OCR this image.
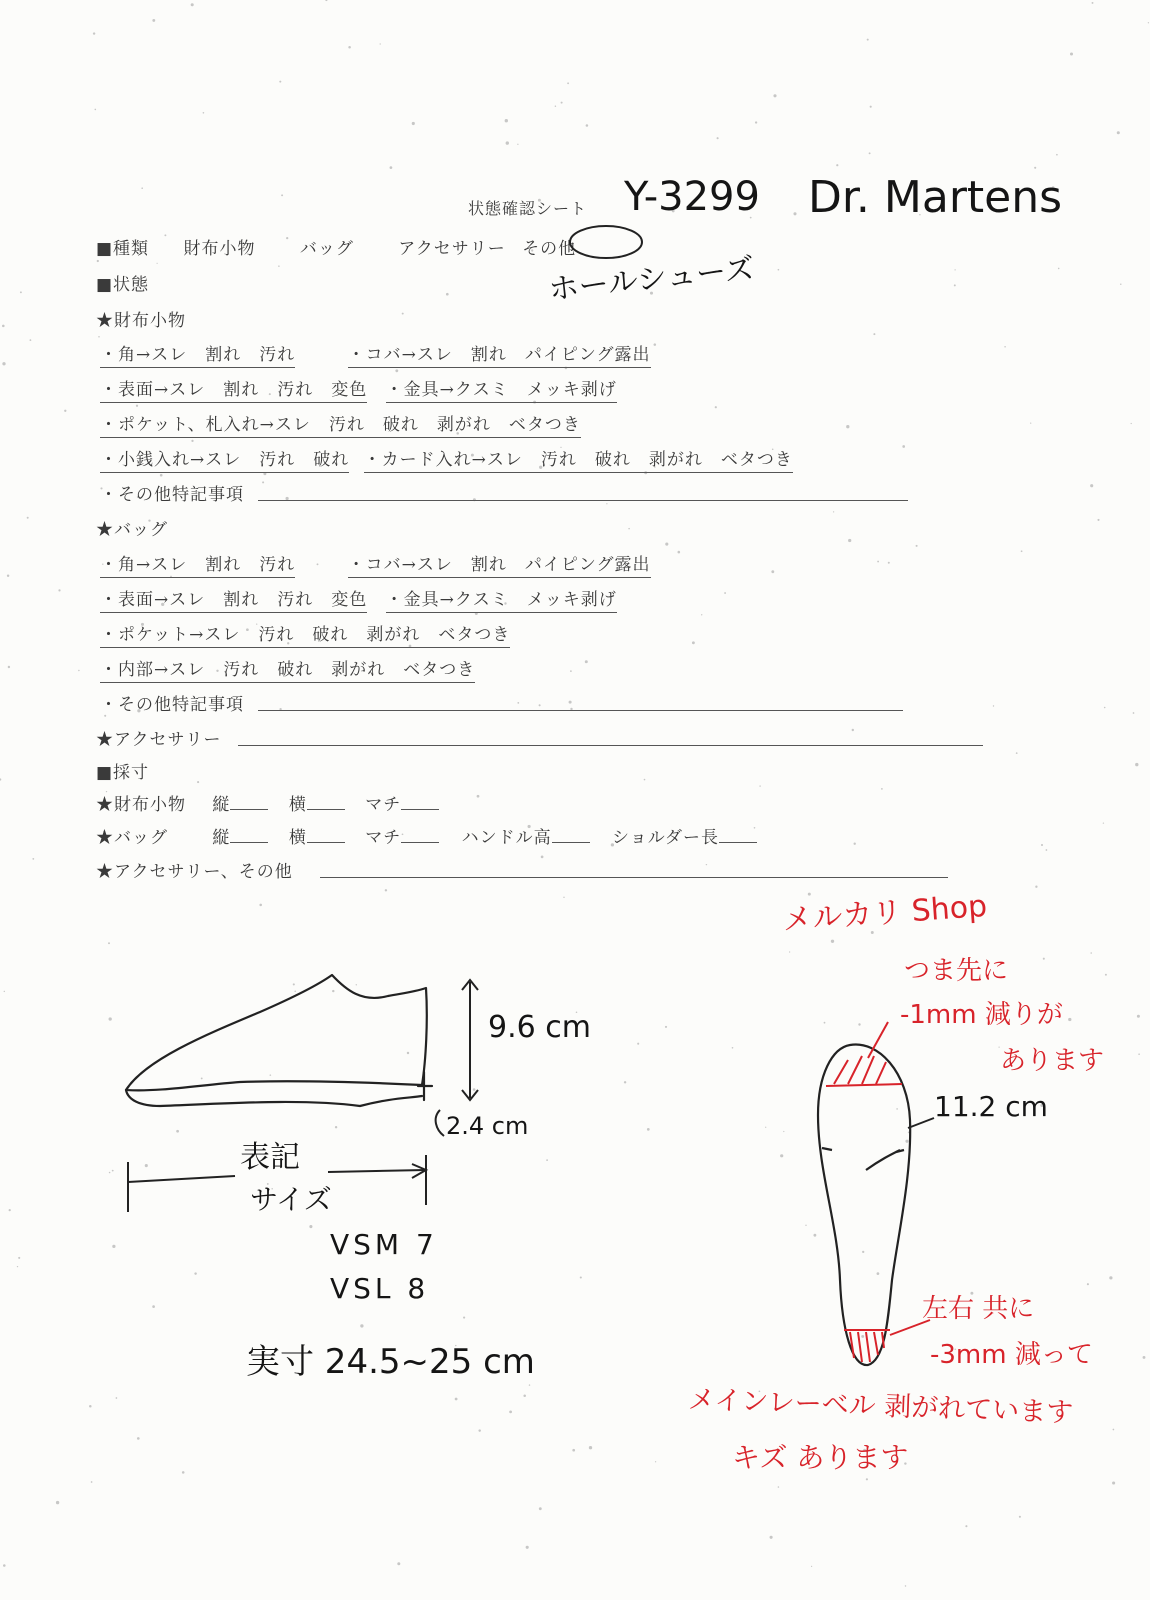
状態確認シート
■種類 財布小物	バッグ	アクセサリー その他
■状態
★財布小物
・角→スレ　割れ　汚れ	・コバ→スレ　割れ　パイピング露出
・表面→スレ　割れ　汚れ　変色 ・金具→クスミ　メッキ剥げ
・ポケット、札入れ→スレ　汚れ　破れ　剥がれ　ベタつき
・小銭入れ→スレ　汚れ　破れ ・カード入れ→スレ　汚れ　破れ　剥がれ　ベタつき
・その他特記事項
★バッグ
・角→スレ　割れ　汚れ	・コバ→スレ　割れ　パイピング露出
・表面→スレ　割れ　汚れ　変色 ・金具→クスミ　メッキ剥げ
・ポケット→スレ　汚れ　破れ　剥がれ　ベタつき
・内部→スレ　汚れ　破れ　剥がれ　ベタつき
・その他特記事項
★アクセサリー
■採寸
★財布小物 縦	横	マチ
★バッグ	縦	横	マチ	ハンドル高	ショルダー長
★アクセサリー、その他
Y-3299 Dr. Martens
ホールシューズ
9.6 cm
2.4 cm
表記
サイズ
VSM 7
VSL 8
実寸 24.5~25 cm
11.2 cm
メルカリ Shop
つま先に
-1mm 減りが
あります
左右 共に
-3mm 減って
メインレーベル 剥がれています
キズ あります
